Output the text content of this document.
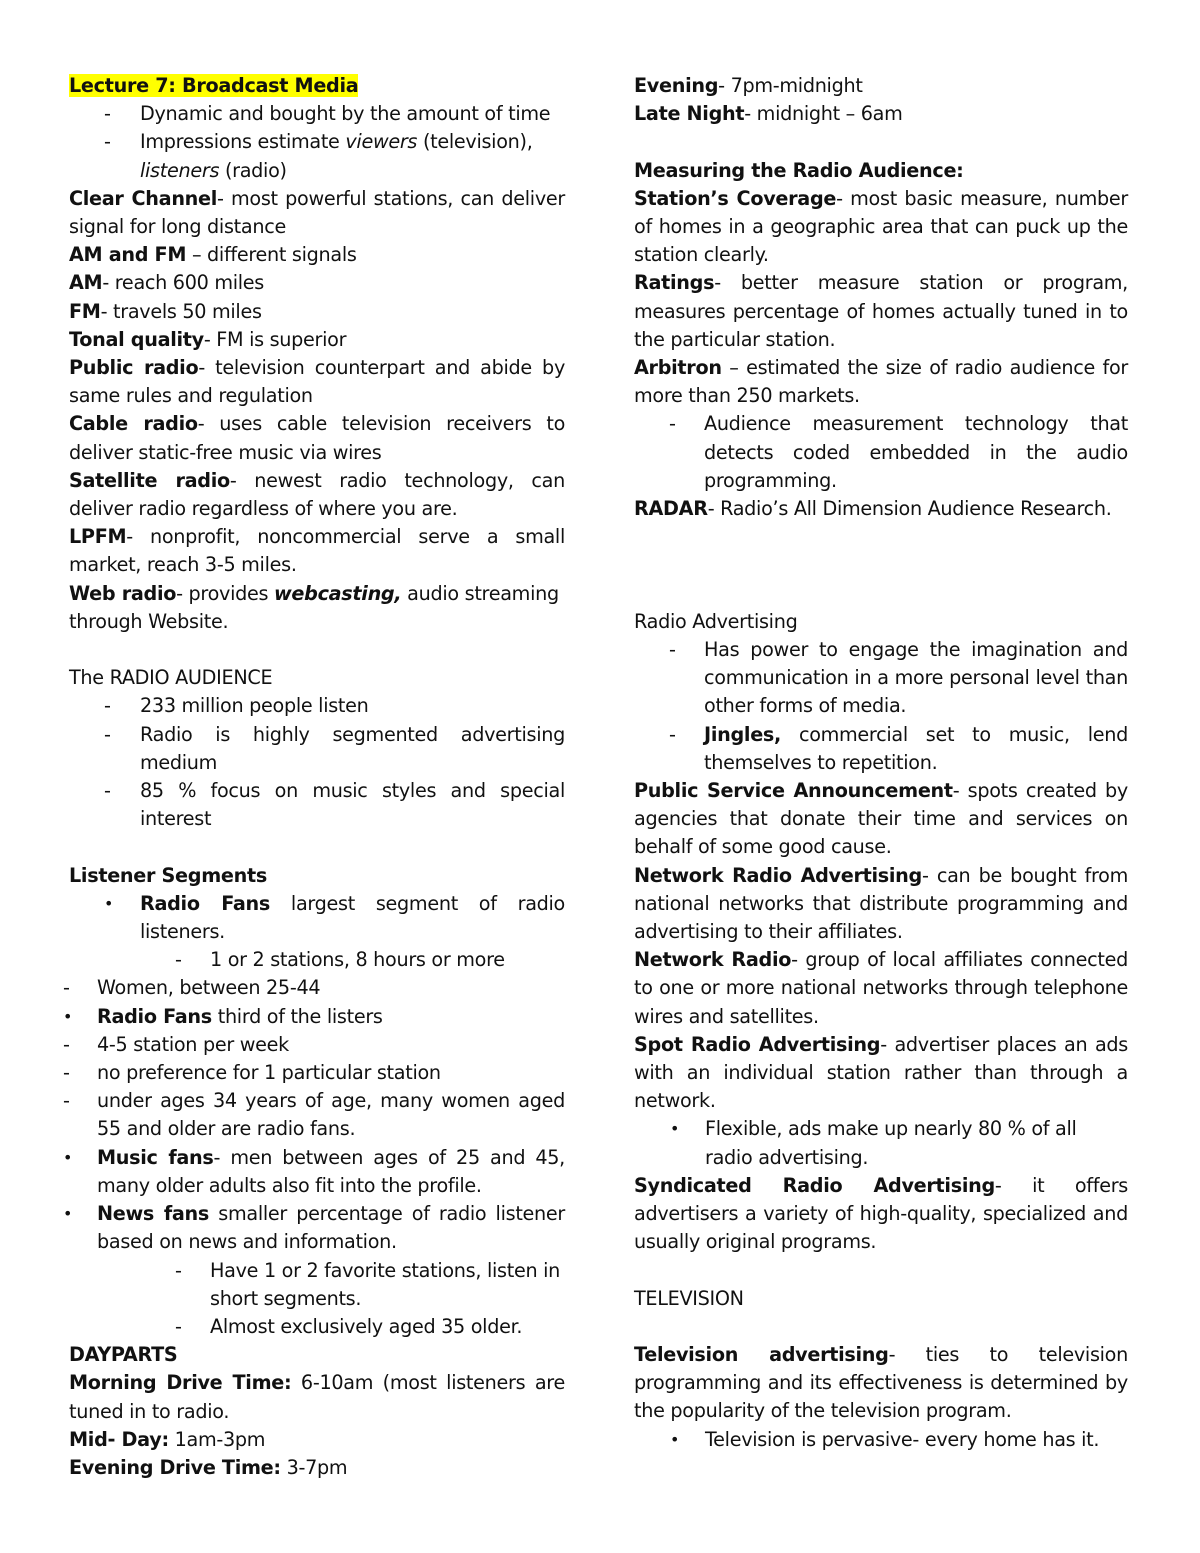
Lecture 7: Broadcast Media

- Dynamic and bought by the amount of time
- Impressions estimate viewers (television), listeners (radio)

Clear Channel- most powerful stations, can deliver signal for long distance

AM and FM – different signals

AM- reach 600 miles

FM- travels 50 miles

Tonal quality- FM is superior

Public radio- television counterpart and abide by same rules and regulation

Cable radio- uses cable television receivers to deliver static-free music via wires

Satellite radio- newest radio technology, can deliver radio regardless of where you are.

LPFM- nonprofit, noncommercial serve a small market, reach 3-5 miles.

Web radio- provides webcasting, audio streaming through Website.

The RADIO AUDIENCE

- 233 million people listen
- Radio is highly segmented advertising medium
- 85 % focus on music styles and special interest

Listener Segments

• Radio Fans largest segment of radio listeners.
- 1 or 2 stations, 8 hours or more
- Women, between 25-44
• Radio Fans third of the listers
- 4-5 station per week
- no preference for 1 particular station
- under ages 34 years of age, many women aged 55 and older are radio fans.
• Music fans- men between ages of 25 and 45, many older adults also fit into the profile.
• News fans smaller percentage of radio listener based on news and information.
- Have 1 or 2 favorite stations, listen in short segments.
- Almost exclusively aged 35 older.

DAYPARTS

Morning Drive Time: 6-10am (most listeners are tuned in to radio.

Mid- Day: 1am-3pm

Evening Drive Time: 3-7pm

Evening- 7pm-midnight

Late Night- midnight – 6am

Measuring the Radio Audience:

Station’s Coverage- most basic measure, number of homes in a geographic area that can puck up the station clearly.

Ratings- better measure station or program, measures percentage of homes actually tuned in to the particular station.

Arbitron – estimated the size of radio audience for more than 250 markets.

- Audience measurement technology that detects coded embedded in the audio programming.

RADAR- Radio’s All Dimension Audience Research.

Radio Advertising

- Has power to engage the imagination and communication in a more personal level than other forms of media.
- Jingles, commercial set to music, lend themselves to repetition.

Public Service Announcement- spots created by agencies that donate their time and services on behalf of some good cause.

Network Radio Advertising- can be bought from national networks that distribute programming and advertising to their affiliates.

Network Radio- group of local affiliates connected to one or more national networks through telephone wires and satellites.

Spot Radio Advertising- advertiser places an ads with an individual station rather than through a network.

• Flexible, ads make up nearly 80 % of all radio advertising.

Syndicated Radio Advertising- it offers advertisers a variety of high-quality, specialized and usually original programs.

TELEVISION

Television advertising- ties to television programming and its effectiveness is determined by the popularity of the television program.

• Television is pervasive- every home has it.
